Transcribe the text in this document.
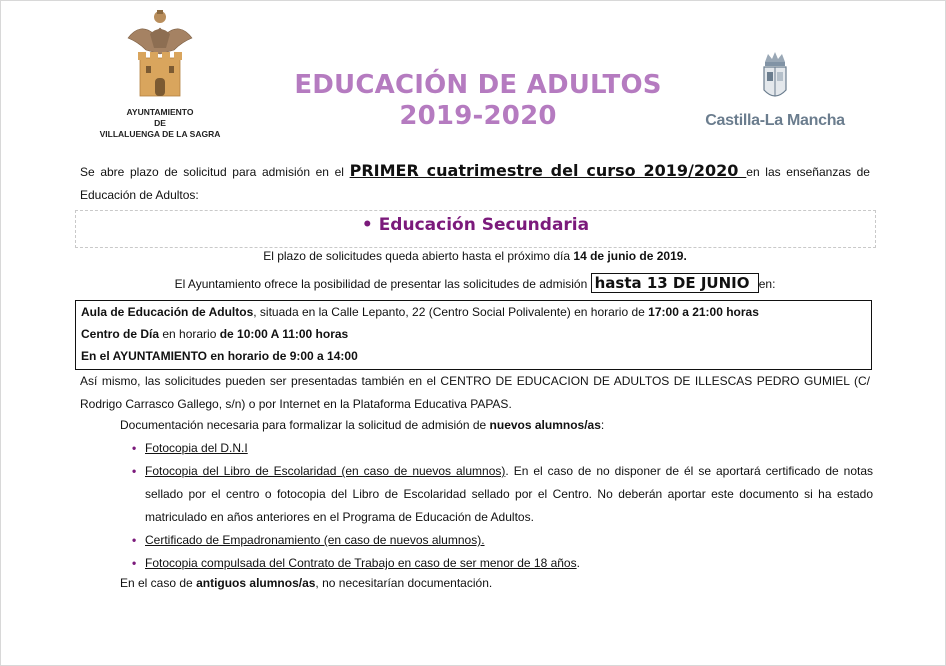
AYUNTAMIENTO
DE
VILLALUENGA DE LA SAGRA
EDUCACIÓN DE ADULTOS
2019-2020	Castilla-La Mancha
Se abre plazo de solicitud para admisión en el PRIMER cuatrimestre del curso 2019/2020 en las enseñanzas de Educación de Adultos:
• Educación Secundaria
El plazo de solicitudes queda abierto hasta el próximo día 14 de junio de 2019.
El Ayuntamiento ofrece la posibilidad de presentar las solicitudes de admisión hasta 13 DE JUNIO en:
Aula de Educación de Adultos, situada en la Calle Lepanto, 22 (Centro Social Polivalente) en horario de 17:00 a 21:00 horas
Centro de Día en horario de 10:00 A 11:00 horas
En el AYUNTAMIENTO en horario de 9:00 a 14:00
Así mismo, las solicitudes pueden ser presentadas también en el CENTRO DE EDUCACION DE ADULTOS DE ILLESCAS PEDRO GUMIEL (C/ Rodrigo Carrasco Gallego, s/n) o por Internet en la Plataforma Educativa PAPAS.
Documentación necesaria para formalizar la solicitud de admisión de nuevos alumnos/as:
• Fotocopia del D.N.I
• Fotocopia del Libro de Escolaridad (en caso de nuevos alumnos). En el caso de no disponer de él se aportará certificado de notas sellado por el centro o fotocopia del Libro de Escolaridad sellado por el Centro. No deberán aportar este documento si ha estado matriculado en años anteriores en el Programa de Educación de Adultos.
• Certificado de Empadronamiento (en caso de nuevos alumnos).
• Fotocopia compulsada del Contrato de Trabajo en caso de ser menor de 18 años.
En el caso de antiguos alumnos/as, no necesitarían documentación.
